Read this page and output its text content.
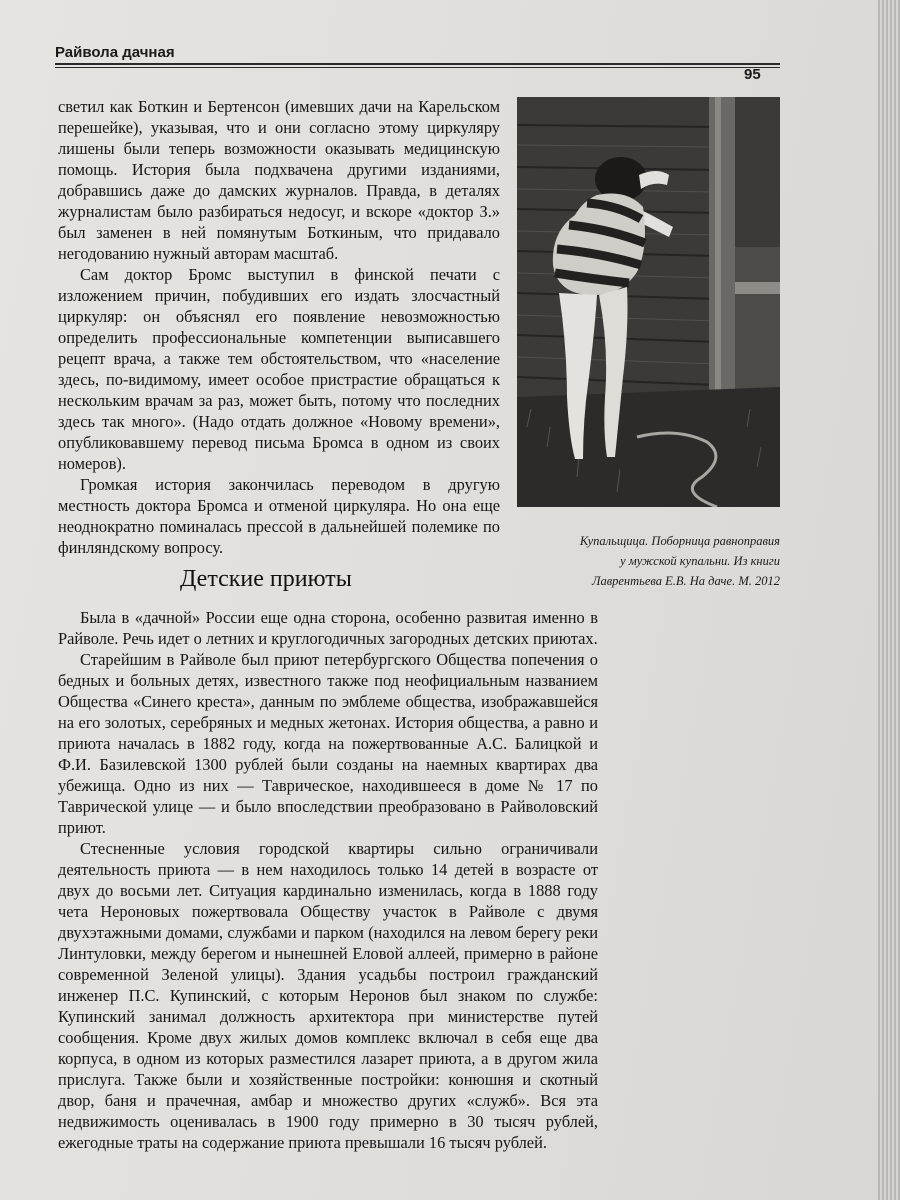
Райвола дачная
95

светил как Боткин и Бертенсон (имевших дачи на Карельском перешейке), указывая, что и они согласно этому циркуляру лишены были теперь возможности оказывать медицинскую помощь. История была подхвачена другими изданиями, добравшись даже до дамских журналов. Правда, в деталях журналистам было разбираться недосуг, и вскоре «доктор З.» был заменен в ней помянутым Боткиным, что придавало негодованию нужный авторам масштаб.

Сам доктор Бромс выступил в финской печати с изложением причин, побудивших его издать злосчастный циркуляр: он объяснял его появление невозможностью определить профессиональные компетенции выписавшего рецепт врача, а также тем обстоятельством, что «население здесь, по-видимому, имеет особое пристрастие обращаться к нескольким врачам за раз, может быть, потому что последних здесь так много». (Надо отдать должное «Новому времени», опубликовавшему перевод письма Бромса в одном из своих номеров).

Громкая история закончилась переводом в другую местность доктора Бромса и отменой циркуляра. Но она еще неоднократно поминалась прессой в дальнейшей полемике по финляндскому вопросу.	Купальщица. Поборница равноправия
у мужской купальни. Из книги
Лаврентьева Е.В. На даче. М. 2012
Детские приюты

Была в «дачной» России еще одна сторона, особенно развитая именно в Райволе. Речь идет о летних и круглогодичных загородных детских приютах.

Старейшим в Райволе был приют петербургского Общества попечения о бедных и больных детях, известного также под неофициальным названием Общества «Синего креста», данным по эмблеме общества, изображавшейся на его золотых, серебряных и медных жетонах. История общества, а равно и приюта началась в 1882 году, когда на пожертвованные А.С. Балицкой и Ф.И. Базилевской 1300 рублей были созданы на наемных квартирах два убежища. Одно из них — Таврическое, находившееся в доме № 17 по Таврической улице — и было впоследствии преобразовано в Райволовский приют.

Стесненные условия городской квартиры сильно ограничивали деятельность приюта — в нем находилось только 14 детей в возрасте от двух до восьми лет. Ситуация кардинально изменилась, когда в 1888 году чета Нероновых пожертвовала Обществу участок в Райволе с двумя двухэтажными домами, службами и парком (находился на левом берегу реки Линтуловки, между берегом и нынешней Еловой аллеей, примерно в районе современной Зеленой улицы). Здания усадьбы построил гражданский инженер П.С. Купинский, с которым Неронов был знаком по службе: Купинский занимал должность архитектора при министерстве путей сообщения. Кроме двух жилых домов комплекс включал в себя еще два корпуса, в одном из которых разместился лазарет приюта, а в другом жила прислуга. Также были и хозяйственные постройки: конюшня и скотный двор, баня и прачечная, амбар и множество других «служб». Вся эта недвижимость оценивалась в 1900 году примерно в 30 тысяч рублей, ежегодные траты на содержание приюта превышали 16 тысяч рублей.
